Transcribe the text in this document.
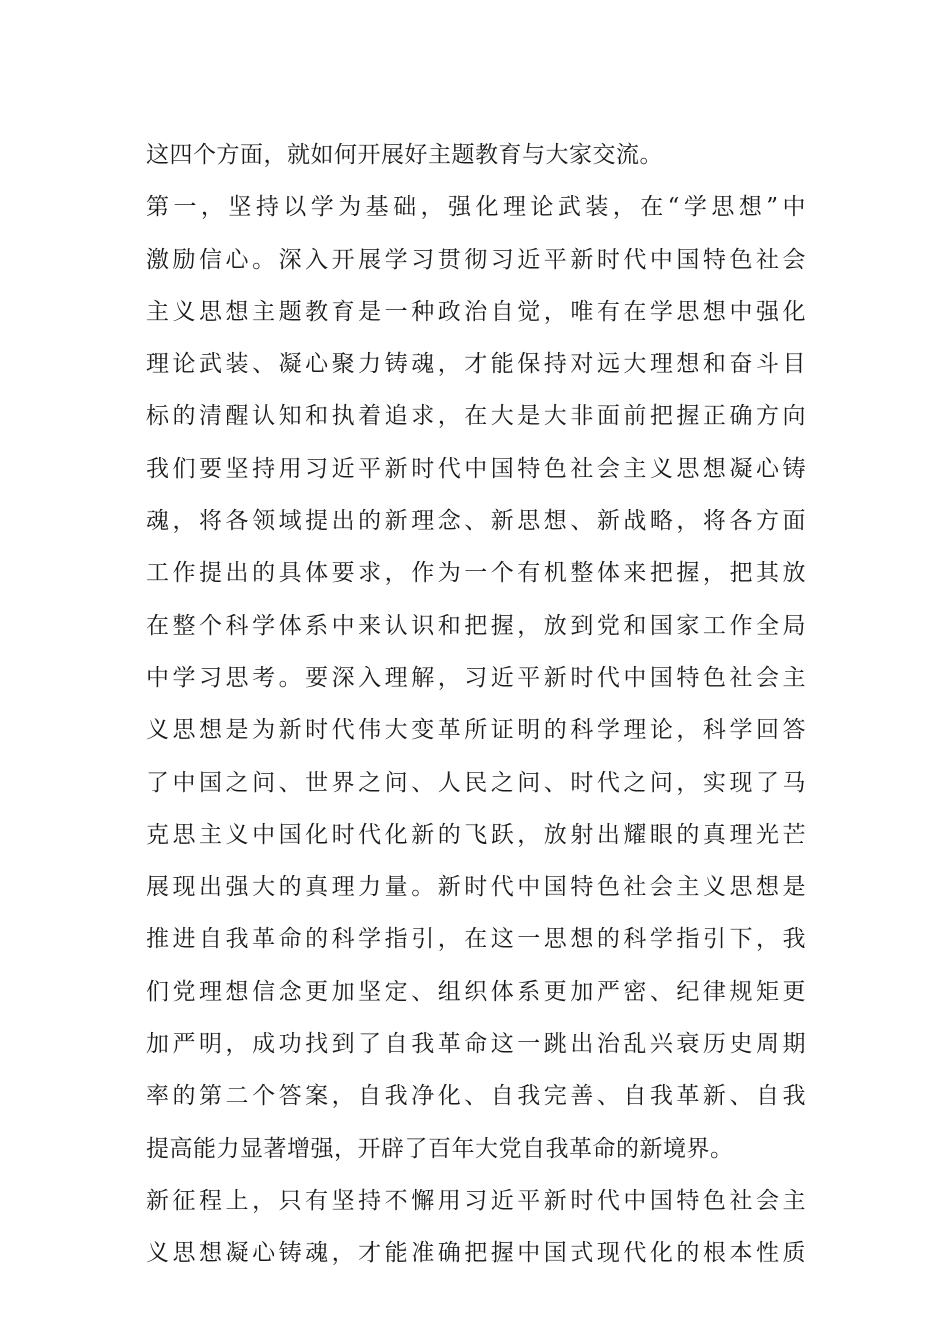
这四个方面，就如何开展好主题教育与大家交流。
第一，坚持以学为基础，强化理论武装，在“学思想”中
激励信心。深入开展学习贯彻习近平新时代中国特色社会
主义思想主题教育是一种政治自觉，唯有在学思想中强化
理论武装、凝心聚力铸魂，才能保持对远大理想和奋斗目
标的清醒认知和执着追求，在大是大非面前把握正确方向
我们要坚持用习近平新时代中国特色社会主义思想凝心铸
魂，将各领域提出的新理念、新思想、新战略，将各方面
工作提出的具体要求，作为一个有机整体来把握，把其放
在整个科学体系中来认识和把握，放到党和国家工作全局
中学习思考。要深入理解，习近平新时代中国特色社会主
义思想是为新时代伟大变革所证明的科学理论，科学回答
了中国之问、世界之问、人民之问、时代之问，实现了马
克思主义中国化时代化新的飞跃，放射出耀眼的真理光芒
展现出强大的真理力量。新时代中国特色社会主义思想是
推进自我革命的科学指引，在这一思想的科学指引下，我
们党理想信念更加坚定、组织体系更加严密、纪律规矩更
加严明，成功找到了自我革命这一跳出治乱兴衰历史周期
率的第二个答案，自我净化、自我完善、自我革新、自我
提高能力显著增强，开辟了百年大党自我革命的新境界。
新征程上，只有坚持不懈用习近平新时代中国特色社会主
义思想凝心铸魂，才能准确把握中国式现代化的根本性质
